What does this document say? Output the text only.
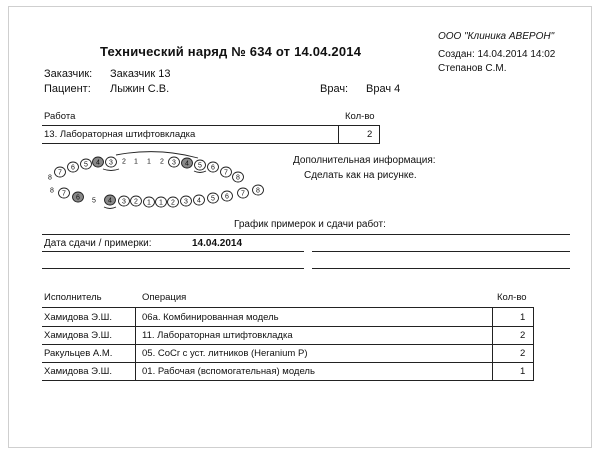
Технический наряд № 634 от 14.04.2014
ООО "Клиника АВЕРОН"
Создан: 14.04.2014 14:02
Степанов С.М.
Заказчик: Заказчик 13
Пациент: Лыжин С.В.	Врач: Врач 4
Работа	Кол-во
13. Лабораторная штифтовкладка	2
Дополнительная информация:
Сделать как на рисунке.
8
7
6 5 4 3 2 1 1 2 3 4 5 6
7
8
8 7
6 5 4 3 2 1 1 2 3 4 5 6 7 8
График примерок и сдачи работ:
Дата сдачи / примерки:	14.04.2014
Исполнитель	Операция	Кол-во
Хамидова Э.Ш.	06а. Комбинированная модель	1
Хамидова Э.Ш.	11. Лабораторная штифтовкладка	2
Ракульцев А.М.	05. CoCr с уст. литников (Heranium P)	2
Хамидова Э.Ш.	01. Рабочая (вспомогательная) модель	1
